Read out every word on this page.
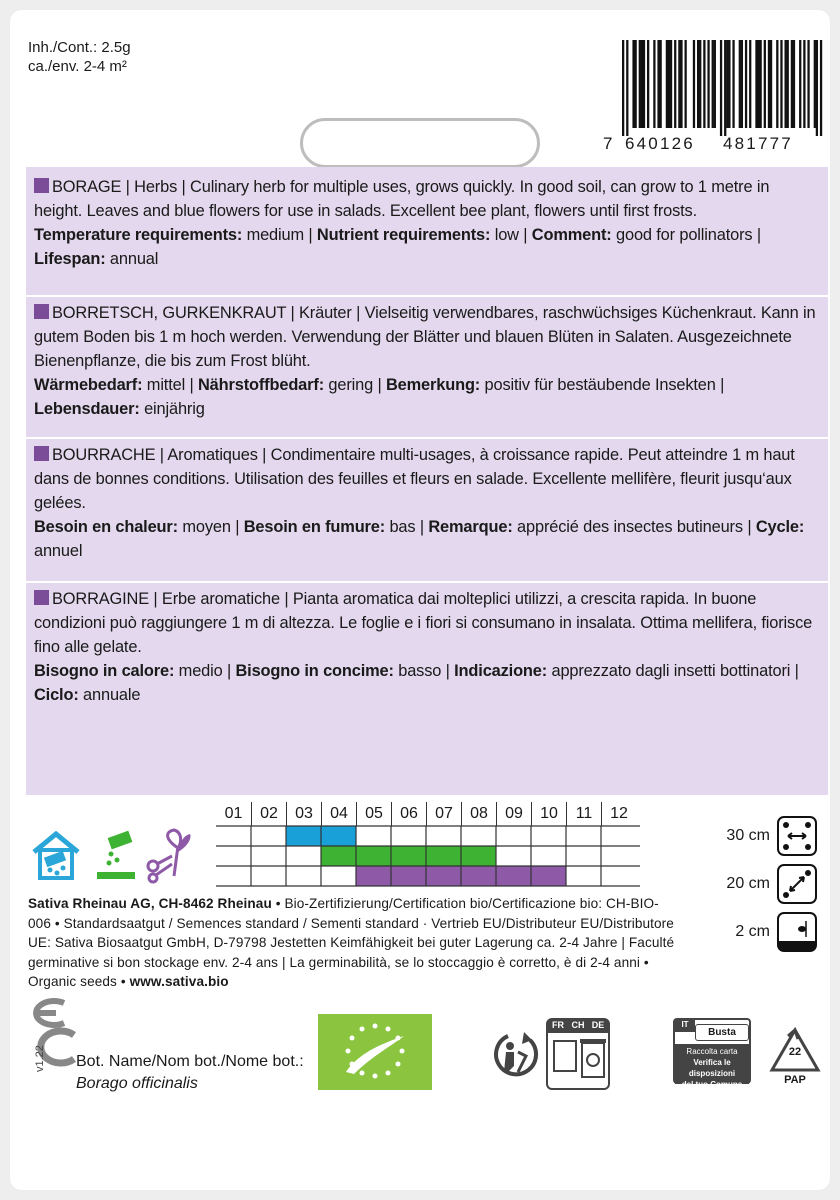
Inh./Cont.: 2.5g
ca./env. 2-4 m²
7 640126	481777
BORAGE | Herbs | Culinary herb for multiple uses, grows quickly. In good soil, can grow to 1 metre in height. Leaves and blue flowers for use in salads. Excellent bee plant, flowers until first frosts.
Temperature requirements: medium | Nutrient requirements: low | Comment: good for pollinators | Lifespan: annual
BORRETSCH, GURKENKRAUT | Kräuter | Vielseitig verwendbares, raschwüchsiges Küchenkraut. Kann in gutem Boden bis 1 m hoch werden. Verwendung der Blätter und blauen Blüten in Salaten. Ausgezeichnete Bienenpflanze, die bis zum Frost blüht.
Wärmebedarf: mittel | Nährstoffbedarf: gering | Bemerkung: positiv für bestäubende Insekten | Lebensdauer: einjährig
BOURRACHE | Aromatiques | Condimentaire multi-usages, à croissance rapide. Peut atteindre 1 m haut dans de bonnes conditions. Utilisation des feuilles et fleurs en salade. Excellente mellifère, fleurit jusqu‘aux gelées.
Besoin en chaleur: moyen | Besoin en fumure: bas | Remarque: apprécié des insectes butineurs | Cycle: annuel
BORRAGINE | Erbe aromatiche | Pianta aromatica dai molteplici utilizzi, a crescita rapida. In buone condizioni può raggiungere 1 m di altezza. Le foglie e i fiori si consumano in insalata. Ottima mellifera, fiorisce fino alle gelate.
Bisogno in calore: medio | Bisogno in concime: basso | Indicazione: apprezzato dagli insetti bottinatori | Ciclo: annuale
01	02	03	04	05	06	07	08	09	10	11	12
30 cm
20 cm
2 cm
Sativa Rheinau AG, CH-8462 Rheinau • Bio-Zertifizierung/Certification bio/Certificazione bio: CH-BIO-006 • Standardsaatgut / Semences standard / Sementi standard · Vertrieb EU/Distributeur EU/Distributore UE: Sativa Biosaatgut GmbH, D-79798 Jestetten Keimfähigkeit bei guter Lagerung ca. 2-4 Jahre | Faculté germinative si bon stockage env. 2-4 ans | La germinabilità, se lo stoccaggio è corretto, è di 2-4 anni • Organic seeds • www.sativa.bio
v1.22 Bot. Name/Nom bot./Nome bot.:
Borago officinalis
FR CH DE	IT
Busta
Raccolta carta
Verifica le disposizioni
del tuo Comune
22
PAP
